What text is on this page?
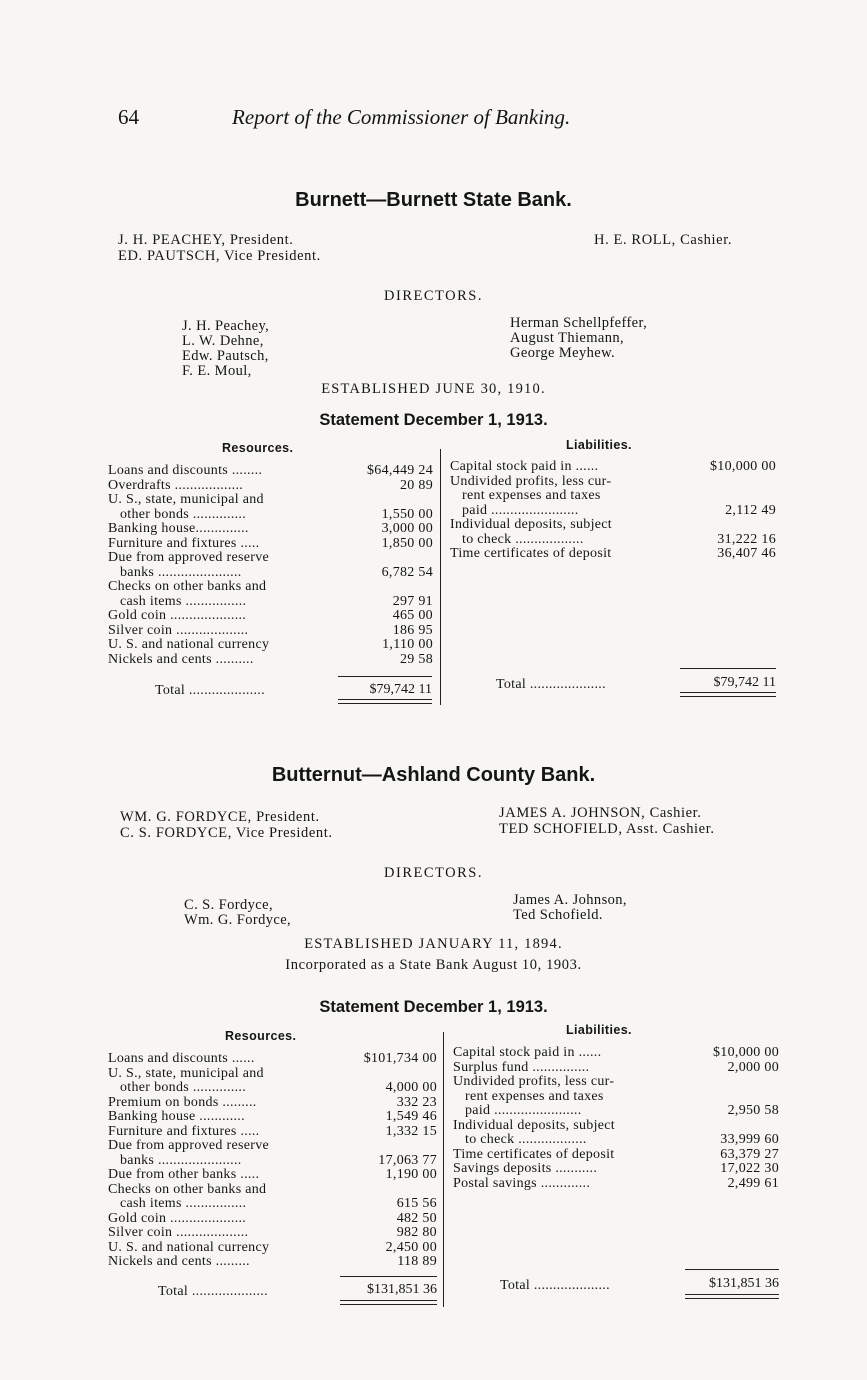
64	Report of the Commissioner of Banking.
Burnett—Burnett State Bank.
J. H. PEACHEY, President.
ED. PAUTSCH, Vice President.
H. E. ROLL, Cashier.
DIRECTORS.
J. H. Peachey,
L. W. Dehne,
Edw. Pautsch,
F. E. Moul,
Herman Schellpfeffer,
August Thiemann,
George Meyhew.
ESTABLISHED JUNE 30, 1910.
Statement December 1, 1913.
Resources.	Liabilities.
Loans and discounts ........	$64,449 24
Overdrafts ..................	20 89
U. S., state, municipal and
other bonds ..............	1,550 00
Banking house..............	3,000 00
Furniture and fixtures .....	1,850 00
Due from approved reserve
banks ......................	6,782 54
Checks on other banks and
cash items ................	297 91
Gold coin ....................	465 00
Silver coin ...................	186 95
U. S. and national currency	1,110 00
Nickels and cents ..........	29 58
Capital stock paid in ......	$10,000 00
Undivided profits, less cur-
rent expenses and taxes
paid .......................	2,112 49
Individual deposits, subject
to check ..................	31,222 16
Time certificates of deposit	36,407 46
Total ....................	$79,742 11	Total ....................	$79,742 11
Butternut—Ashland County Bank.
WM. G. FORDYCE, President.
C. S. FORDYCE, Vice President.
JAMES A. JOHNSON, Cashier.
TED SCHOFIELD, Asst. Cashier.
DIRECTORS.
C. S. Fordyce,
Wm. G. Fordyce,
James A. Johnson,
Ted Schofield.
ESTABLISHED JANUARY 11, 1894.
Incorporated as a State Bank August 10, 1903.
Statement December 1, 1913.
Resources.	Liabilities.
Loans and discounts ......	$101,734 00
U. S., state, municipal and
other bonds ..............	4,000 00
Premium on bonds .........	332 23
Banking house ............	1,549 46
Furniture and fixtures .....	1,332 15
Due from approved reserve
banks ......................	17,063 77
Due from other banks .....	1,190 00
Checks on other banks and
cash items ................	615 56
Gold coin ....................	482 50
Silver coin ...................	982 80
U. S. and national currency	2,450 00
Nickels and cents .........	118 89
Capital stock paid in ......	$10,000 00
Surplus fund ...............	2,000 00
Undivided profits, less cur-
rent expenses and taxes
paid .......................	2,950 58
Individual deposits, subject
to check ..................	33,999 60
Time certificates of deposit	63,379 27
Savings deposits ...........	17,022 30
Postal savings .............	2,499 61
Total ....................	$131,851 36	Total ....................	$131,851 36
